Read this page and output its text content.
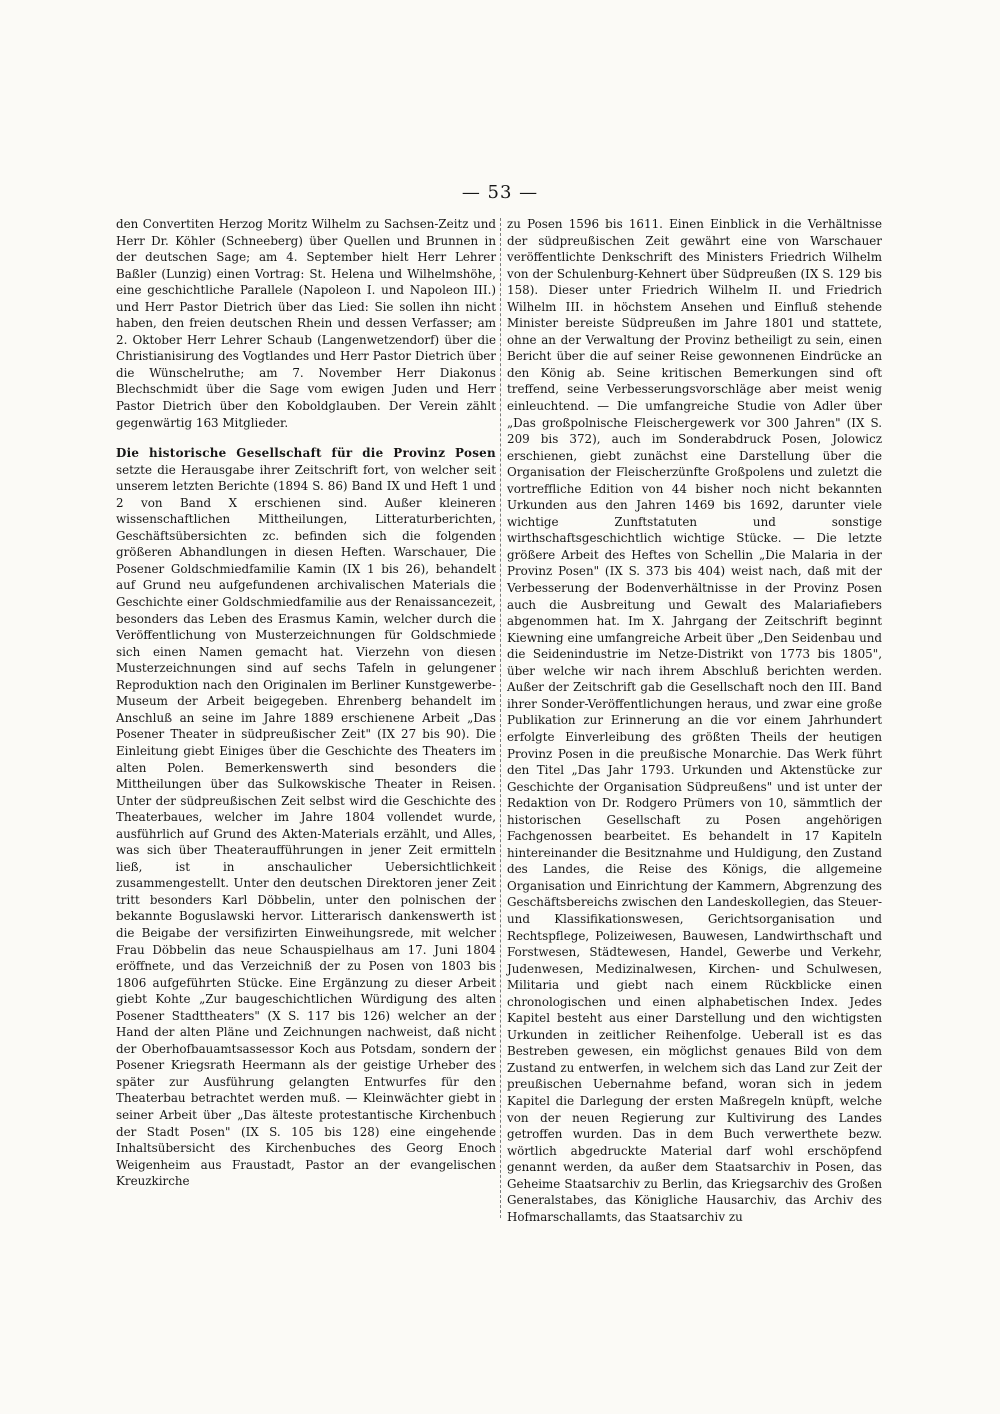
— 53 —

den Convertiten Herzog Moritz Wilhelm zu Sachsen-Zeitz und Herr Dr. Köhler (Schneeberg) über Quellen und Brunnen in der deutschen Sage; am 4. September hielt Herr Lehrer Baßler (Lunzig) einen Vortrag: St. Helena und Wilhelmshöhe, eine geschichtliche Parallele (Napoleon I. und Napoleon III.) und Herr Pastor Dietrich über das Lied: Sie sollen ihn nicht haben, den freien deutschen Rhein und dessen Verfasser; am 2. Oktober Herr Lehrer Schaub (Langenwetzendorf) über die Christianisirung des Vogtlandes und Herr Pastor Dietrich über die Wünschelruthe; am 7. November Herr Diakonus Blechschmidt über die Sage vom ewigen Juden und Herr Pastor Dietrich über den Koboldglauben. Der Verein zählt gegenwärtig 163 Mitglieder.

Die historische Gesellschaft für die Provinz Posen setzte die Herausgabe ihrer Zeitschrift fort, von welcher seit unserem letzten Berichte (1894 S. 86) Band IX und Heft 1 und 2 von Band X erschienen sind. Außer kleineren wissenschaftlichen Mittheilungen, Litteraturberichten, Geschäftsübersichten zc. befinden sich die folgenden größeren Abhandlungen in diesen Heften. Warschauer, Die Posener Goldschmiedfamilie Kamin (IX 1 bis 26), behandelt auf Grund neu aufgefundenen archivalischen Materials die Geschichte einer Goldschmiedfamilie aus der Renaissancezeit, besonders das Leben des Erasmus Kamin, welcher durch die Veröffentlichung von Musterzeichnungen für Goldschmiede sich einen Namen gemacht hat. Vierzehn von diesen Musterzeichnungen sind auf sechs Tafeln in gelungener Reproduktion nach den Originalen im Berliner Kunstgewerbe-Museum der Arbeit beigegeben. Ehrenberg behandelt im Anschluß an seine im Jahre 1889 erschienene Arbeit „Das Posener Theater in südpreußischer Zeit" (IX 27 bis 90). Die Einleitung giebt Einiges über die Geschichte des Theaters im alten Polen. Bemerkenswerth sind besonders die Mittheilungen über das Sulkowskische Theater in Reisen. Unter der südpreußischen Zeit selbst wird die Geschichte des Theaterbaues, welcher im Jahre 1804 vollendet wurde, ausführlich auf Grund des Akten-Materials erzählt, und Alles, was sich über Theateraufführungen in jener Zeit ermitteln ließ, ist in anschaulicher Uebersichtlichkeit zusammengestellt. Unter den deutschen Direktoren jener Zeit tritt besonders Karl Döbbelin, unter den polnischen der bekannte Boguslawski hervor. Litterarisch dankenswerth ist die Beigabe der versifizirten Einweihungsrede, mit welcher Frau Döbbelin das neue Schauspielhaus am 17. Juni 1804 eröffnete, und das Verzeichniß der zu Posen von 1803 bis 1806 aufgeführten Stücke. Eine Ergänzung zu dieser Arbeit giebt Kohte „Zur baugeschichtlichen Würdigung des alten Posener Stadttheaters" (X S. 117 bis 126) welcher an der Hand der alten Pläne und Zeichnungen nachweist, daß nicht der Oberhofbauamtsassessor Koch aus Potsdam, sondern der Posener Kriegsrath Heermann als der geistige Urheber des später zur Ausführung gelangten Entwurfes für den Theaterbau betrachtet werden muß. — Kleinwächter giebt in seiner Arbeit über „Das älteste protestantische Kirchenbuch der Stadt Posen" (IX S. 105 bis 128) eine eingehende Inhaltsübersicht des Kirchenbuches des Georg Enoch Weigenheim aus Fraustadt, Pastor an der evangelischen Kreuzkirche

zu Posen 1596 bis 1611. Einen Einblick in die Verhältnisse der südpreußischen Zeit gewährt eine von Warschauer veröffentlichte Denkschrift des Ministers Friedrich Wilhelm von der Schulenburg-Kehnert über Südpreußen (IX S. 129 bis 158). Dieser unter Friedrich Wilhelm II. und Friedrich Wilhelm III. in höchstem Ansehen und Einfluß stehende Minister bereiste Südpreußen im Jahre 1801 und stattete, ohne an der Verwaltung der Provinz betheiligt zu sein, einen Bericht über die auf seiner Reise gewonnenen Eindrücke an den König ab. Seine kritischen Bemerkungen sind oft treffend, seine Verbesserungsvorschläge aber meist wenig einleuchtend. — Die umfangreiche Studie von Adler über „Das großpolnische Fleischergewerk vor 300 Jahren" (IX S. 209 bis 372), auch im Sonderabdruck Posen, Jolowicz erschienen, giebt zunächst eine Darstellung über die Organisation der Fleischerzünfte Großpolens und zuletzt die vortreffliche Edition von 44 bisher noch nicht bekannten Urkunden aus den Jahren 1469 bis 1692, darunter viele wichtige Zunftstatuten und sonstige wirthschaftsgeschichtlich wichtige Stücke. — Die letzte größere Arbeit des Heftes von Schellin „Die Malaria in der Provinz Posen" (IX S. 373 bis 404) weist nach, daß mit der Verbesserung der Bodenverhältnisse in der Provinz Posen auch die Ausbreitung und Gewalt des Malariafiebers abgenommen hat. Im X. Jahrgang der Zeitschrift beginnt Kiewning eine umfangreiche Arbeit über „Den Seidenbau und die Seidenindustrie im Netze-Distrikt von 1773 bis 1805", über welche wir nach ihrem Abschluß berichten werden. Außer der Zeitschrift gab die Gesellschaft noch den III. Band ihrer Sonder-Veröffentlichungen heraus, und zwar eine große Publikation zur Erinnerung an die vor einem Jahrhundert erfolgte Einverleibung des größten Theils der heutigen Provinz Posen in die preußische Monarchie. Das Werk führt den Titel „Das Jahr 1793. Urkunden und Aktenstücke zur Geschichte der Organisation Südpreußens" und ist unter der Redaktion von Dr. Rodgero Prümers von 10, sämmtlich der historischen Gesellschaft zu Posen angehörigen Fachgenossen bearbeitet. Es behandelt in 17 Kapiteln hintereinander die Besitznahme und Huldigung, den Zustand des Landes, die Reise des Königs, die allgemeine Organisation und Einrichtung der Kammern, Abgrenzung des Geschäftsbereichs zwischen den Landeskollegien, das Steuer- und Klassifikationswesen, Gerichtsorganisation und Rechtspflege, Polizeiwesen, Bauwesen, Landwirthschaft und Forstwesen, Städtewesen, Handel, Gewerbe und Verkehr, Judenwesen, Medizinalwesen, Kirchen- und Schulwesen, Militaria und giebt nach einem Rückblicke einen chronologischen und einen alphabetischen Index. Jedes Kapitel besteht aus einer Darstellung und den wichtigsten Urkunden in zeitlicher Reihenfolge. Ueberall ist es das Bestreben gewesen, ein möglichst genaues Bild von dem Zustand zu entwerfen, in welchem sich das Land zur Zeit der preußischen Uebernahme befand, woran sich in jedem Kapitel die Darlegung der ersten Maßregeln knüpft, welche von der neuen Regierung zur Kultivirung des Landes getroffen wurden. Das in dem Buch verwerthete bezw. wörtlich abgedruckte Material darf wohl erschöpfend genannt werden, da außer dem Staatsarchiv in Posen, das Geheime Staatsarchiv zu Berlin, das Kriegsarchiv des Großen Generalstabes, das Königliche Hausarchiv, das Archiv des Hofmarschallamts, das Staatsarchiv zu
